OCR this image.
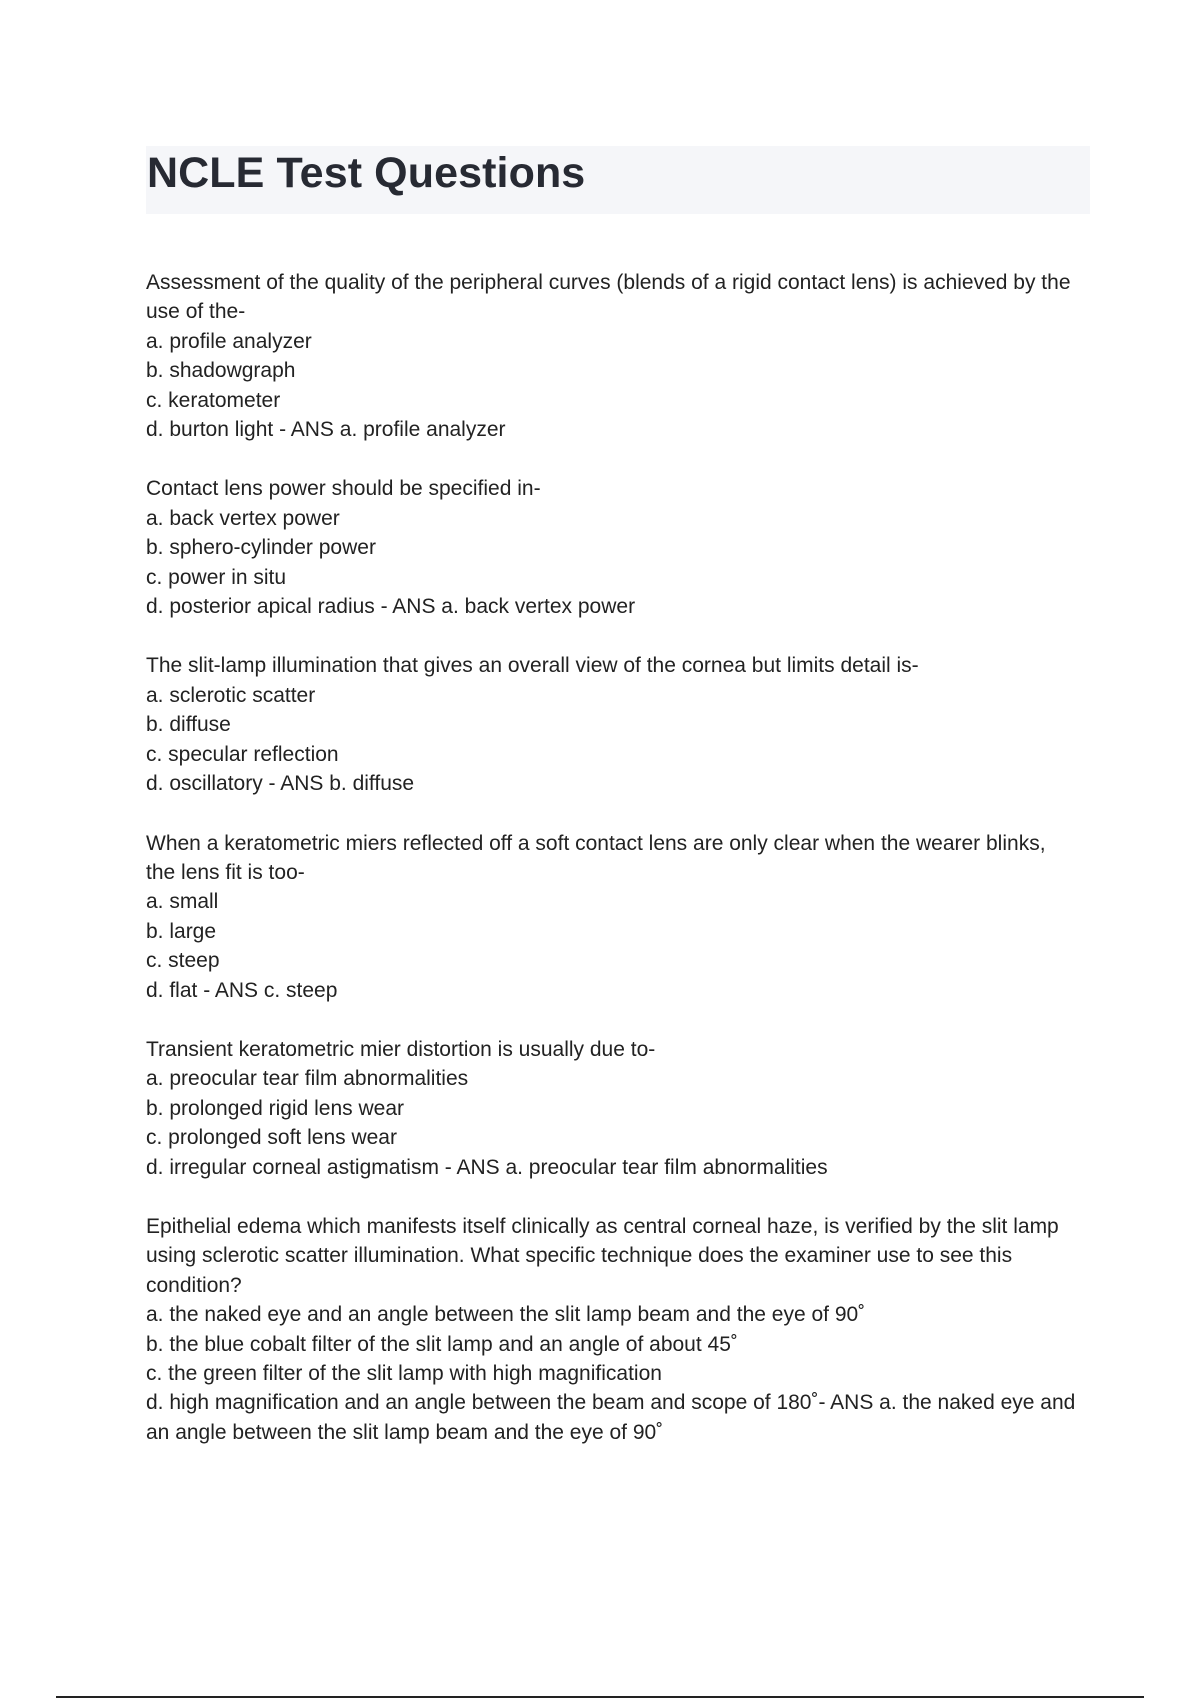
NCLE Test Questions
Assessment of the quality of the peripheral curves (blends of a rigid contact lens) is achieved by the use of the-
a. profile analyzer
b. shadowgraph
c. keratometer
d. burton light - ANS a. profile analyzer
Contact lens power should be specified in-
a. back vertex power
b. sphero-cylinder power
c. power in situ
d. posterior apical radius - ANS a. back vertex power
The slit-lamp illumination that gives an overall view of the cornea but limits detail is-
a. sclerotic scatter
b. diffuse
c. specular reflection
d. oscillatory - ANS b. diffuse
When a keratometric miers reflected off a soft contact lens are only clear when the wearer blinks, the lens fit is too-
a. small
b. large
c. steep
d. flat - ANS c. steep
Transient keratometric mier distortion is usually due to-
a. preocular tear film abnormalities
b. prolonged rigid lens wear
c. prolonged soft lens wear
d. irregular corneal astigmatism - ANS a. preocular tear film abnormalities
Epithelial edema which manifests itself clinically as central corneal haze, is verified by the slit lamp using sclerotic scatter illumination. What specific technique does the examiner use to see this condition?
a. the naked eye and an angle between the slit lamp beam and the eye of 90˚
b. the blue cobalt filter of the slit lamp and an angle of about 45˚
c. the green filter of the slit lamp with high magnification
d. high magnification and an angle between the beam and scope of 180˚- ANS a. the naked eye and an angle between the slit lamp beam and the eye of 90˚
